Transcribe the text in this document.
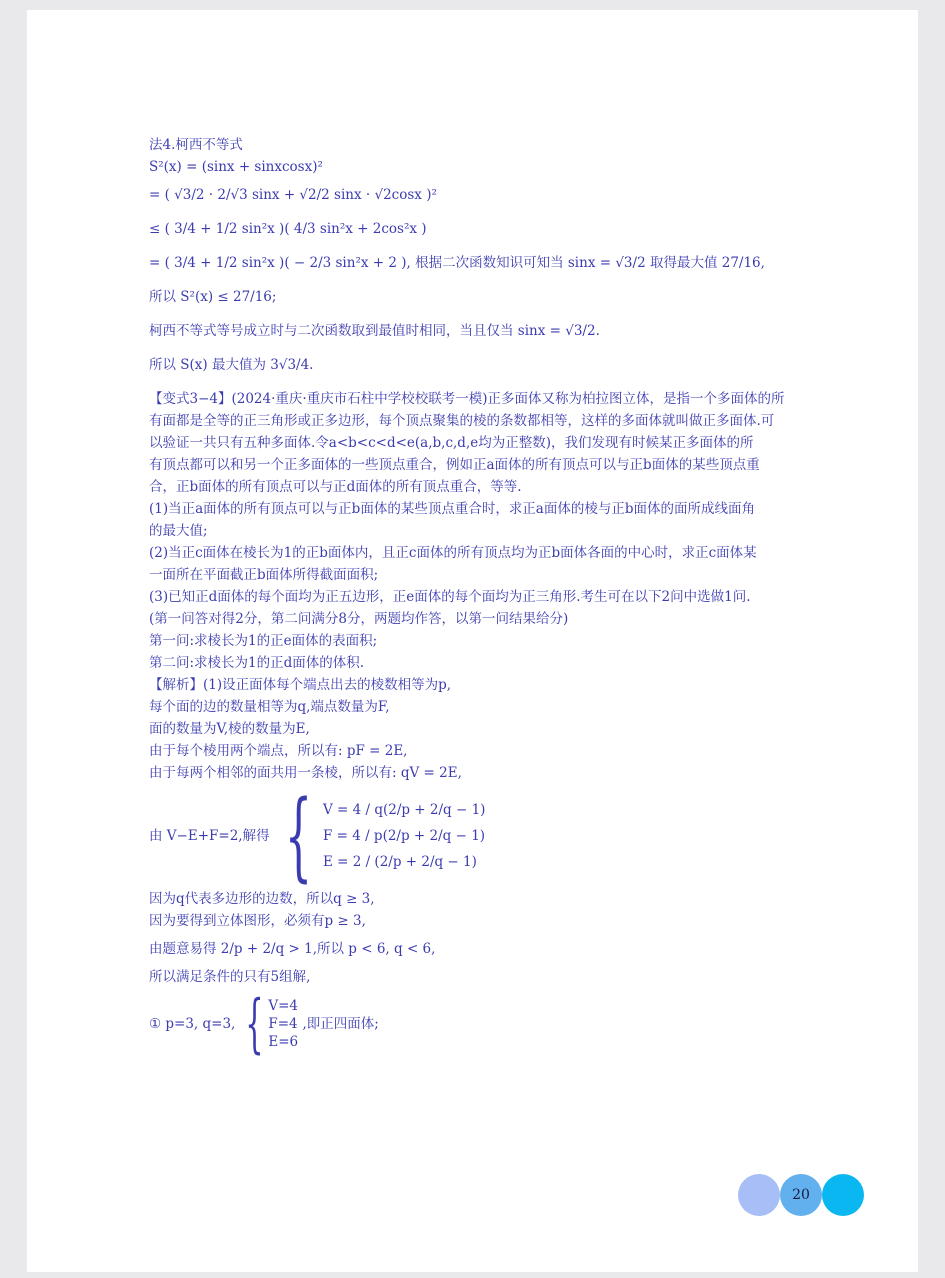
法4.柯西不等式

S²(x) = (sinx + sinxcosx)²

= ( √3/2 · 2/√3 sinx + √2/2 sinx · √2cosx )²

≤ ( 3/4 + 1/2 sin²x )( 4/3 sin²x + 2cos²x )

= ( 3/4 + 1/2 sin²x )( − 2/3 sin²x + 2 ), 根据二次函数知识可知当 sinx = √3/2 取得最大值 27/16,

所以 S²(x) ≤ 27/16;

柯西不等式等号成立时与二次函数取到最值时相同，当且仅当 sinx = √3/2.

所以 S(x) 最大值为 3√3/4.

【变式3−4】(2024·重庆·重庆市石柱中学校校联考一模)正多面体又称为柏拉图立体，是指一个多面体的所

有面都是全等的正三角形或正多边形，每个顶点聚集的棱的条数都相等，这样的多面体就叫做正多面体.可

以验证一共只有五种多面体.令a<b<c<d<e(a,b,c,d,e均为正整数)，我们发现有时候某正多面体的所

有顶点都可以和另一个正多面体的一些顶点重合，例如正a面体的所有顶点可以与正b面体的某些顶点重

合，正b面体的所有顶点可以与正d面体的所有顶点重合，等等.

(1)当正a面体的所有顶点可以与正b面体的某些顶点重合时，求正a面体的棱与正b面体的面所成线面角

的最大值;

(2)当正c面体在棱长为1的正b面体内，且正c面体的所有顶点均为正b面体各面的中心时，求正c面体某

一面所在平面截正b面体所得截面面积;

(3)已知正d面体的每个面均为正五边形，正e面体的每个面均为正三角形.考生可在以下2问中选做1问.

(第一问答对得2分，第二问满分8分，两题均作答，以第一问结果给分)

第一问:求棱长为1的正e面体的表面积;

第二问:求棱长为1的正d面体的体积.

【解析】(1)设正面体每个端点出去的棱数相等为p,

每个面的边的数量相等为q,端点数量为F,

面的数量为V,棱的数量为E,

由于每个棱用两个端点，所以有: pF = 2E,

由于每两个相邻的面共用一条棱，所以有: qV = 2E,

由 V−E+F=2,解得 { V = 4 / q(2/p + 2/q − 1)
F = 4 / p(2/p + 2/q − 1)
E = 2 / (2/p + 2/q − 1)

因为q代表多边形的边数，所以q ≥ 3,

因为要得到立体图形，必须有p ≥ 3,

由题意易得 2/p + 2/q > 1,所以 p < 6, q < 6,

所以满足条件的只有5组解,

① p=3, q=3, { V=4
F=4
E=6
,即正四面体;
20
